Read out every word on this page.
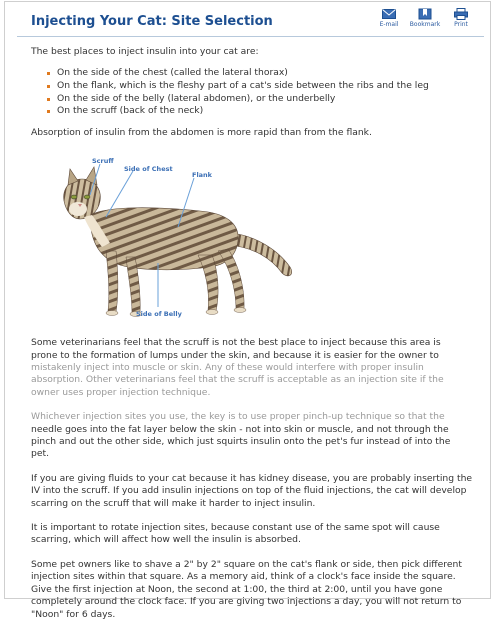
Injecting Your Cat: Site Selection	E-mail Bookmark Print

The best places to inject insulin into your cat are:

On the side of the chest (called the lateral thorax)
On the flank, which is the fleshy part of a cat's side between the ribs and the leg
On the side of the belly (lateral abdomen), or the underbelly
On the scruff (back of the neck)

Absorption of insulin from the abdomen is more rapid than from the flank.

Scruff
Side of Chest
Flank
Side of Belly

Some veterinarians feel that the scruff is not the best place to inject because this area is
prone to the formation of lumps under the skin, and because it is easier for the owner to
mistakenly inject into muscle or skin. Any of these would interfere with proper insulin
absorption. Other veterinarians feel that the scruff is acceptable as an injection site if the
owner uses proper injection technique.

Whichever injection sites you use, the key is to use proper pinch-up technique so that the
needle goes into the fat layer below the skin - not into skin or muscle, and not through the
pinch and out the other side, which just squirts insulin onto the pet's fur instead of into the
pet.

If you are giving fluids to your cat because it has kidney disease, you are probably inserting the IV into the scruff. If you add insulin injections on top of the fluid injections, the cat will develop scarring on the scruff that will make it harder to inject insulin.

It is important to rotate injection sites, because constant use of the same spot will cause scarring, which will affect how well the insulin is absorbed.

Some pet owners like to shave a 2" by 2" square on the cat's flank or side, then pick different injection sites within that square. As a memory aid, think of a clock's face inside the square. Give the first injection at Noon, the second at 1:00, the third at 2:00, until you have gone completely around the clock face. If you are giving two injections a day, you will not return to "Noon" for 6 days.
